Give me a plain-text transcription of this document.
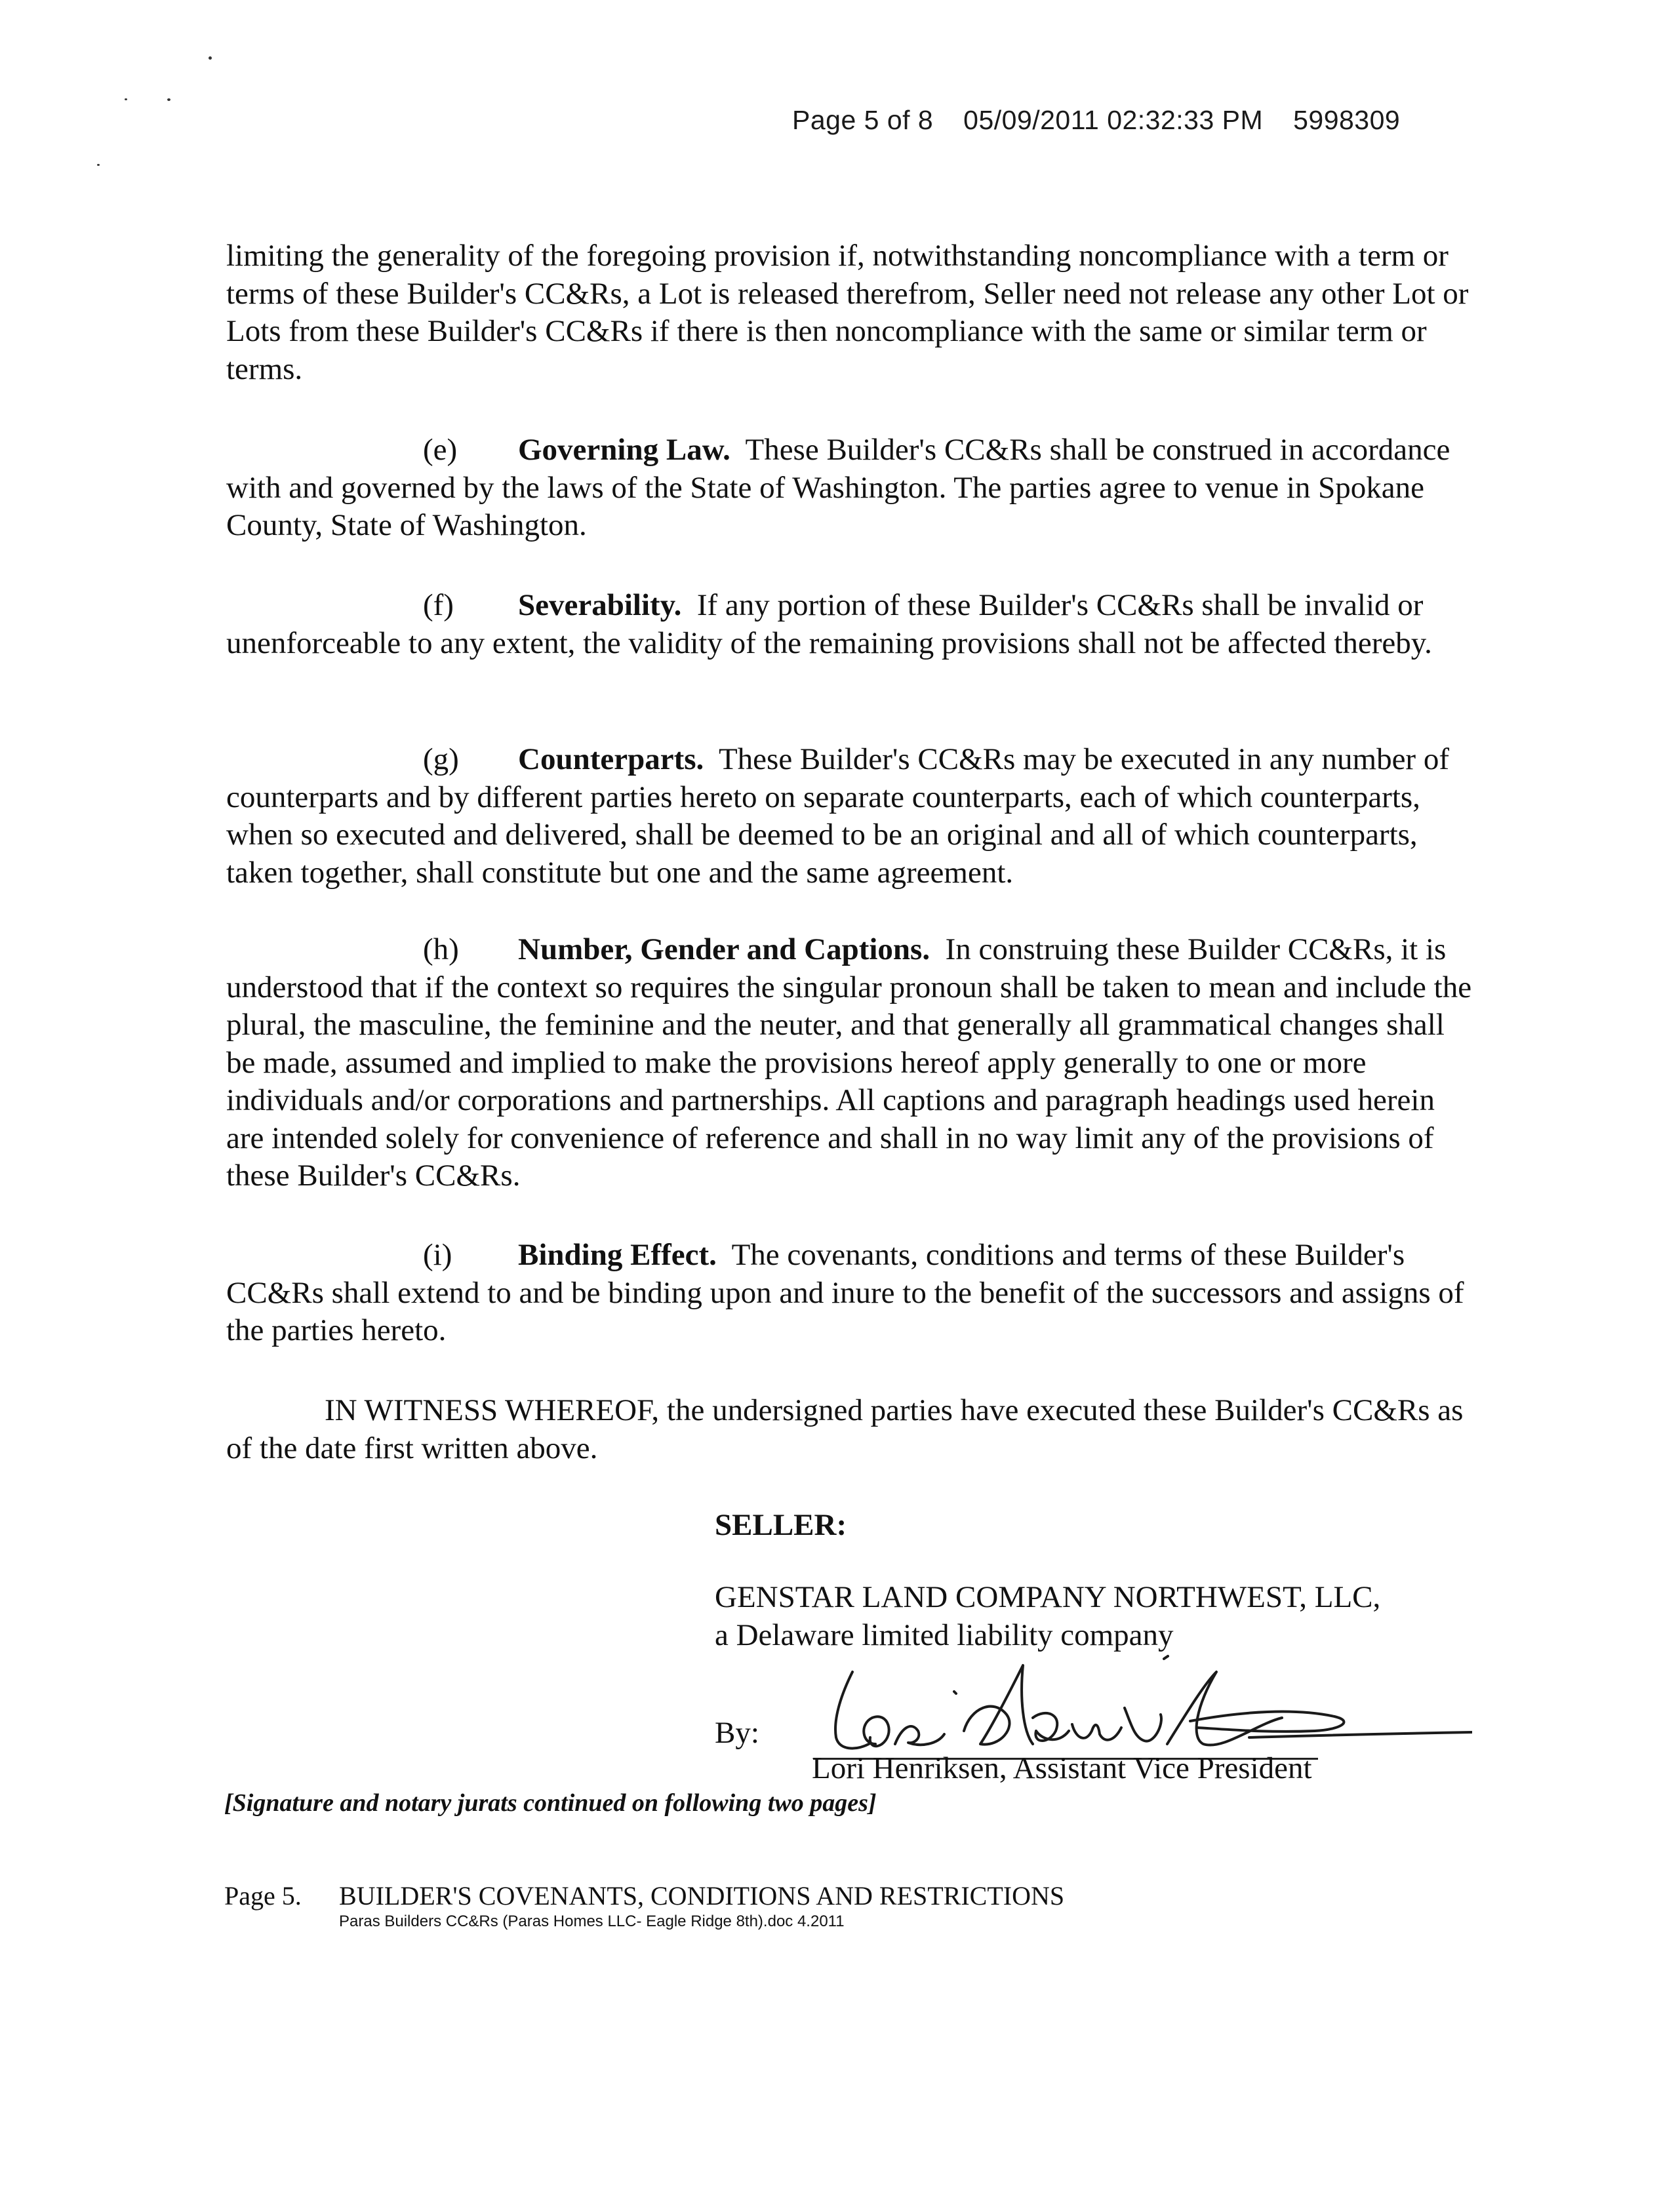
Page 5 of 8 05/09/2011 02:32:33 PM 5998309
limiting the generality of the foregoing provision if, notwithstanding noncompliance with a term or terms of these Builder's CC&Rs, a Lot is released therefrom, Seller need not release any other Lot or Lots from these Builder's CC&Rs if there is then noncompliance with the same or similar term or terms.
(e) Governing Law. These Builder's CC&Rs shall be construed in accordance with and governed by the laws of the State of Washington. The parties agree to venue in Spokane County, State of Washington.
(f) Severability. If any portion of these Builder's CC&Rs shall be invalid or unenforceable to any extent, the validity of the remaining provisions shall not be affected thereby.
(g) Counterparts. These Builder's CC&Rs may be executed in any number of counterparts and by different parties hereto on separate counterparts, each of which counterparts, when so executed and delivered, shall be deemed to be an original and all of which counterparts, taken together, shall constitute but one and the same agreement.
(h) Number, Gender and Captions. In construing these Builder CC&Rs, it is understood that if the context so requires the singular pronoun shall be taken to mean and include the plural, the masculine, the feminine and the neuter, and that generally all grammatical changes shall be made, assumed and implied to make the provisions hereof apply generally to one or more individuals and/or corporations and partnerships. All captions and paragraph headings used herein are intended solely for convenience of reference and shall in no way limit any of the provisions of these Builder's CC&Rs.
(i) Binding Effect. The covenants, conditions and terms of these Builder's CC&Rs shall extend to and be binding upon and inure to the benefit of the successors and assigns of the parties hereto.
IN WITNESS WHEREOF, the undersigned parties have executed these Builder's CC&Rs as of the date first written above.
SELLER:
GENSTAR LAND COMPANY NORTHWEST, LLC,
a Delaware limited liability company
By:
Lori Henriksen, Assistant Vice President
[Signature and notary jurats continued on following two pages]
Page 5. BUILDER'S COVENANTS, CONDITIONS AND RESTRICTIONS
Paras Builders CC&Rs (Paras Homes LLC- Eagle Ridge 8th).doc 4.2011
